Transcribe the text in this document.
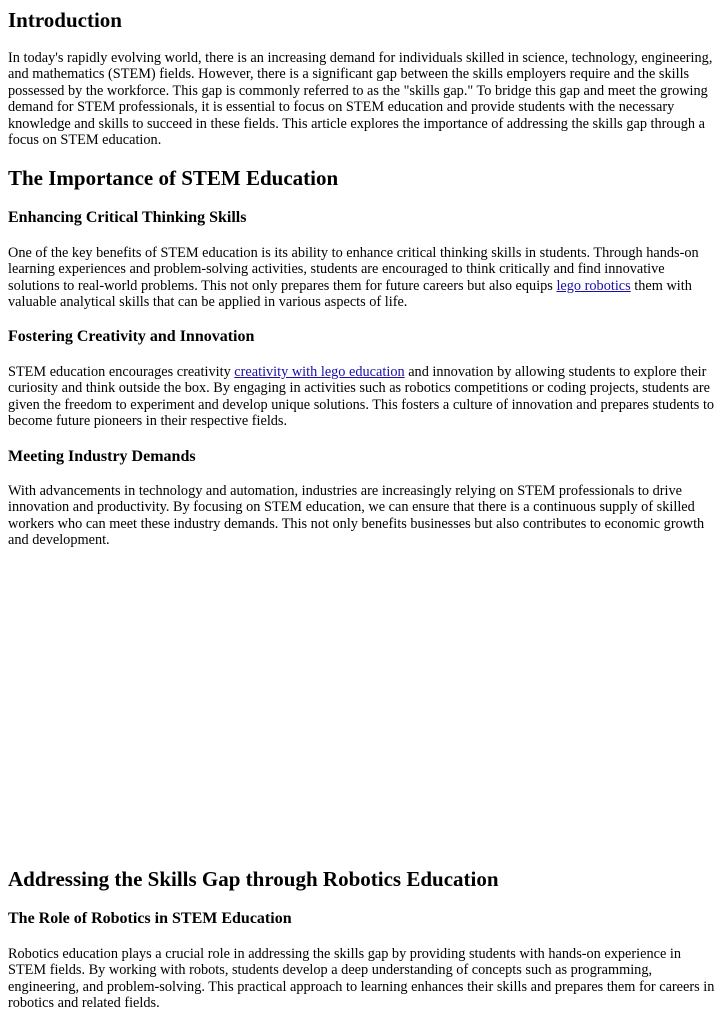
Introduction

In today's rapidly evolving world, there is an increasing demand for individuals skilled in science, technology, engineering, and mathematics (STEM) fields. However, there is a significant gap between the skills employers require and the skills possessed by the workforce. This gap is commonly referred to as the "skills gap." To bridge this gap and meet the growing demand for STEM professionals, it is essential to focus on STEM education and provide students with the necessary knowledge and skills to succeed in these fields. This article explores the importance of addressing the skills gap through a focus on STEM education.

The Importance of STEM Education
Enhancing Critical Thinking Skills

One of the key benefits of STEM education is its ability to enhance critical thinking skills in students. Through hands-on learning experiences and problem-solving activities, students are encouraged to think critically and find innovative solutions to real-world problems. This not only prepares them for future careers but also equips lego robotics them with valuable analytical skills that can be applied in various aspects of life.

Fostering Creativity and Innovation

STEM education encourages creativity creativity with lego education and innovation by allowing students to explore their curiosity and think outside the box. By engaging in activities such as robotics competitions or coding projects, students are given the freedom to experiment and develop unique solutions. This fosters a culture of innovation and prepares students to become future pioneers in their respective fields.

Meeting Industry Demands

With advancements in technology and automation, industries are increasingly relying on STEM professionals to drive innovation and productivity. By focusing on STEM education, we can ensure that there is a continuous supply of skilled workers who can meet these industry demands. This not only benefits businesses but also contributes to economic growth and development.

Addressing the Skills Gap through Robotics Education
The Role of Robotics in STEM Education

Robotics education plays a crucial role in addressing the skills gap by providing students with hands-on experience in STEM fields. By working with robots, students develop a deep understanding of concepts such as programming, engineering, and problem-solving. This practical approach to learning enhances their skills and prepares them for careers in robotics and related fields.
